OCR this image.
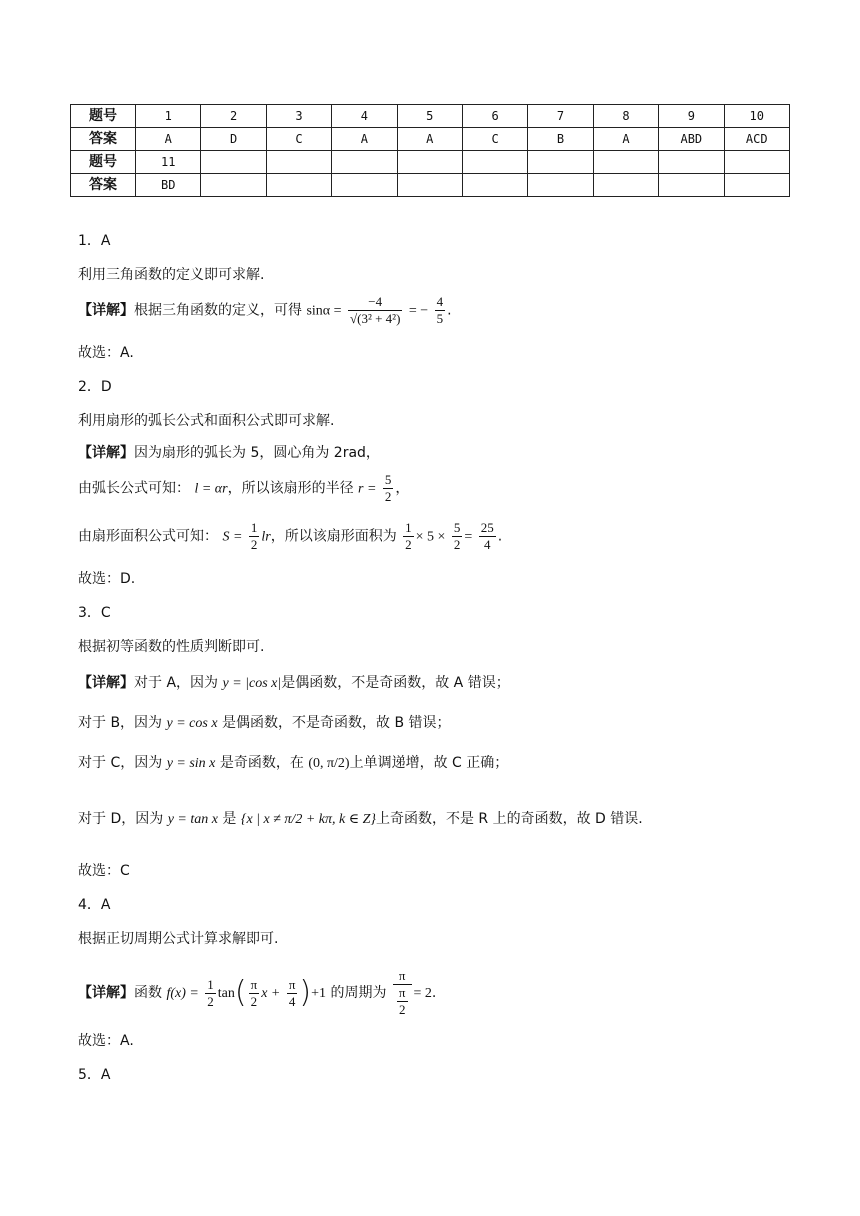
题号	1	2	3	4	5	6	7	8	9	10
答案	A	D	C	A	A	C	B	A	ABD	ACD
题号	11									
答案	BD									
1．A
利用三角函数的定义即可求解.
【详解】根据三角函数的定义，可得 $\sin\alpha = \frac{-4}{\text{√(3² + 4²)}}$ = − $\frac{4}{5}$ .
故选：A.
2．D
利用扇形的弧长公式和面积公式即可求解.
【详解】因为扇形的弧长为 5，圆心角为 2rad，
由弧长公式可知： l = αr，所以该扇形的半径 $r = \frac{5}{2}$ ，
由扇形面积公式可知： $S = \frac{1}{2}$ lr，所以该扇形面积为 $\frac{1}{2} \times 5 \times \frac{5}{2} = \frac{25}{4}$ .
故选：D.
3．C
根据初等函数的性质判断即可.
【详解】对于 A，因为 y = |cos x|是偶函数，不是奇函数，故 A 错误；
对于 B，因为 y = cos x 是偶函数，不是奇函数，故 B 错误；
对于 C，因为 y = sin x 是奇函数，在 (0, π/2)上单调递增，故 C 正确；
对于 D，因为 y = tan x 是 {x | x ≠ π/2 + kπ, k ∈ Z}上奇函数，不是 R 上的奇函数，故 D 错误.
故选：C
4．A
根据正切周期公式计算求解即可.
【详解】函数 $f(x) = \frac{1}{2} \tan( \frac{\pi}{2}$ $x + \frac{\pi}{4} )+1$ 的周期为 $\frac{\pi}{\frac{\pi}{2}} = 2$.
故选：A.
5．A
